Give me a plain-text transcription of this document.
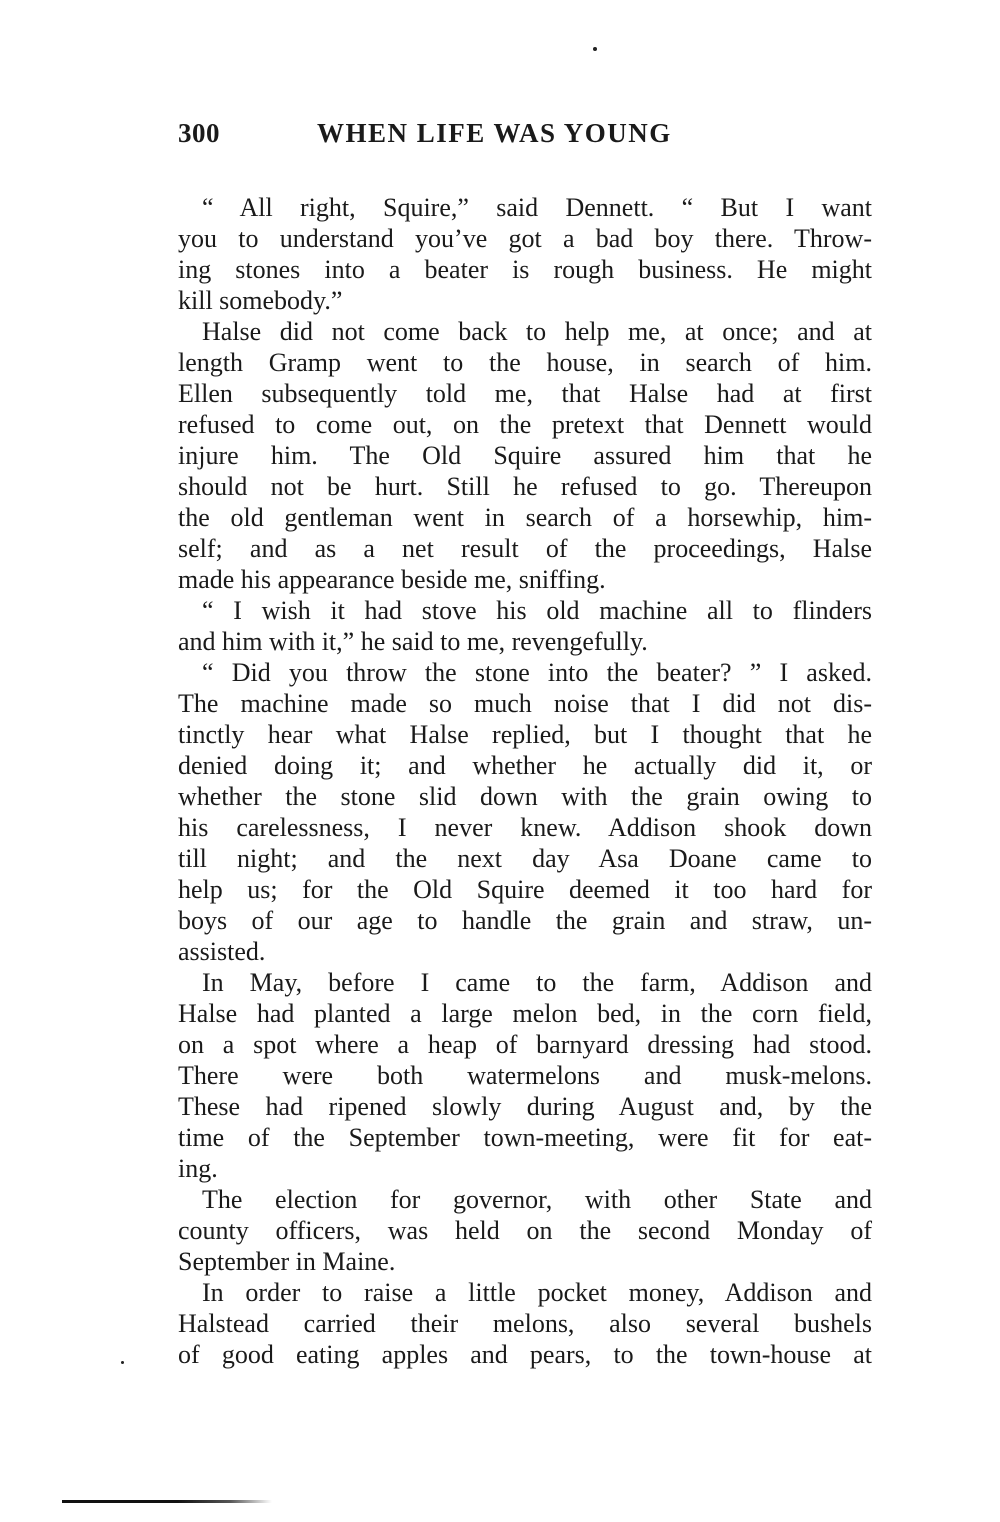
300	WHEN LIFE WAS YOUNG
“ All right, Squire,” said Dennett. “ But I want
you to understand you’ve got a bad boy there. Throw-
ing stones into a beater is rough business. He might
kill somebody.”
Halse did not come back to help me, at once; and at
length Gramp went to the house, in search of him.
Ellen subsequently told me, that Halse had at first
refused to come out, on the pretext that Dennett would
injure him. The Old Squire assured him that he
should not be hurt. Still he refused to go. Thereupon
the old gentleman went in search of a horsewhip, him-
self; and as a net result of the proceedings, Halse
made his appearance beside me, sniffing.
“ I wish it had stove his old machine all to flinders
and him with it,” he said to me, revengefully.
“ Did you throw the stone into the beater? ” I asked.
The machine made so much noise that I did not dis-
tinctly hear what Halse replied, but I thought that he
denied doing it; and whether he actually did it, or
whether the stone slid down with the grain owing to
his carelessness, I never knew. Addison shook down
till night; and the next day Asa Doane came to
help us; for the Old Squire deemed it too hard for
boys of our age to handle the grain and straw, un-
assisted.
In May, before I came to the farm, Addison and
Halse had planted a large melon bed, in the corn field,
on a spot where a heap of barnyard dressing had stood.
There were both watermelons and musk-melons.
These had ripened slowly during August and, by the
time of the September town-meeting, were fit for eat-
ing.
The election for governor, with other State and
county officers, was held on the second Monday of
September in Maine.
In order to raise a little pocket money, Addison and
Halstead carried their melons, also several bushels
of good eating apples and pears, to the town-house at
